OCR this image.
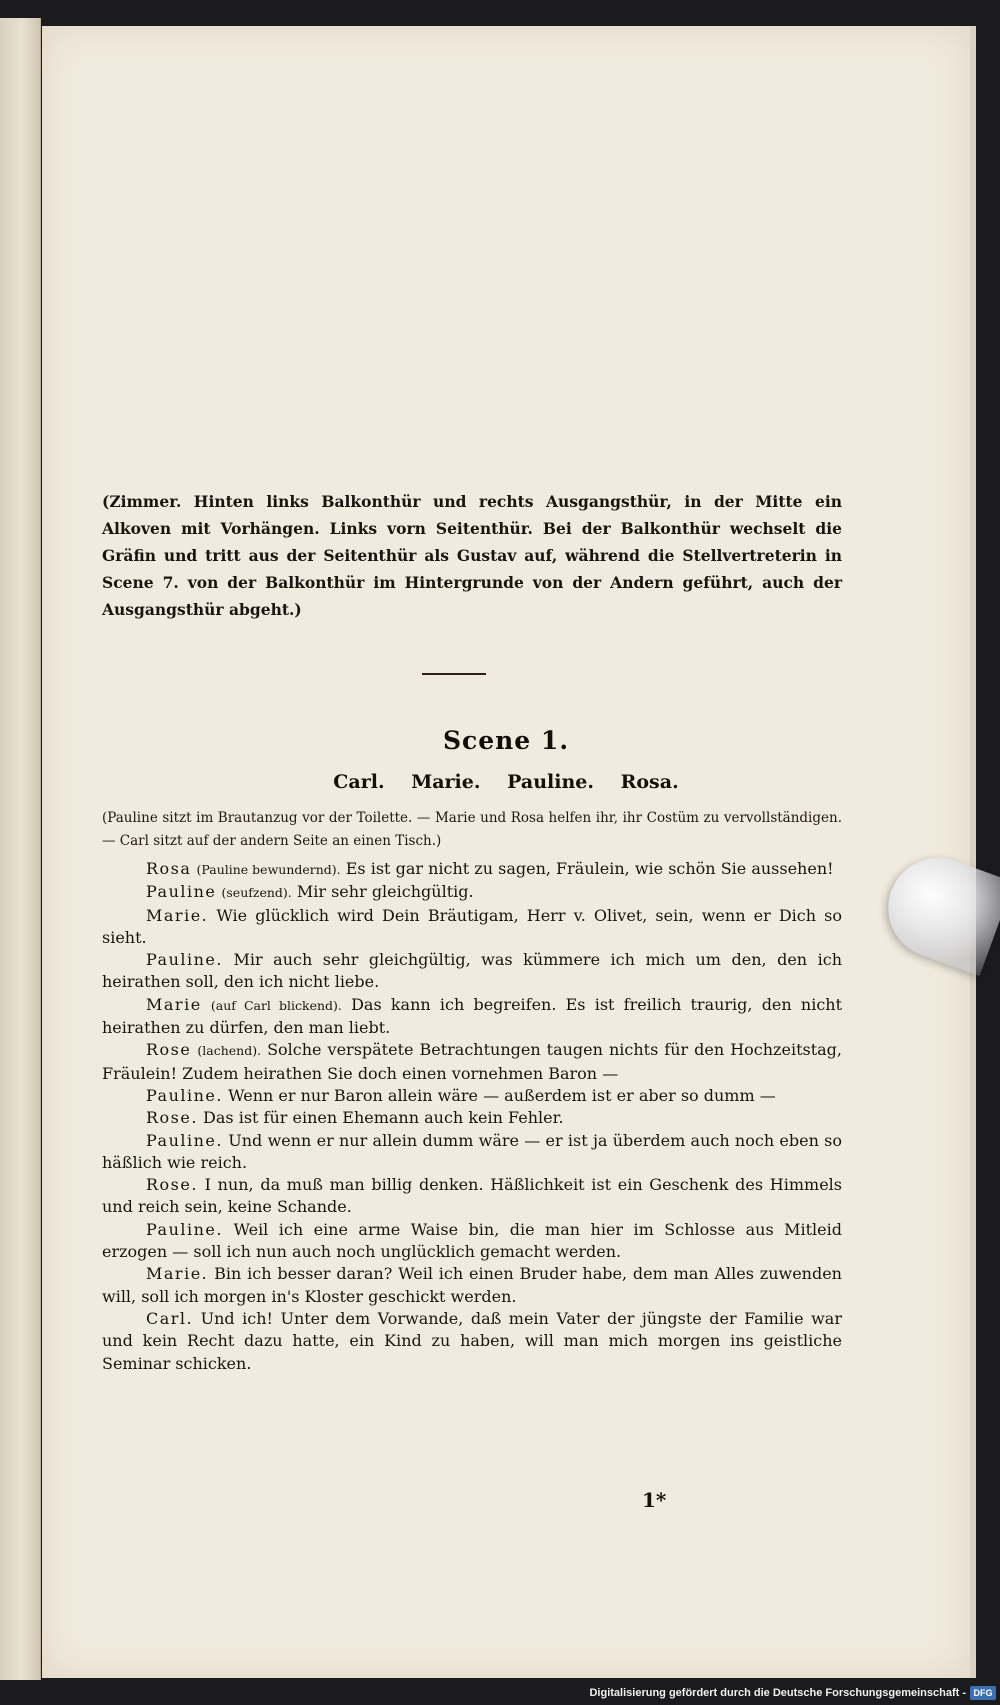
(Zimmer. Hinten links Balkonthür und rechts Ausgangsthür, in der Mitte ein Alkoven mit Vorhängen. Links vorn Seitenthür. Bei der Balkonthür wechselt die Gräfin und tritt aus der Seitenthür als Gustav auf, während die Stellvertreterin in Scene 7. von der Balkonthür im Hintergrunde von der Andern geführt, auch der Ausgangsthür abgeht.)
Scene 1.
Carl. Marie. Pauline. Rosa.
(Pauline sitzt im Brautanzug vor der Toilette. — Marie und Rosa helfen ihr, ihr Costüm zu vervollständigen. — Carl sitzt auf der andern Seite an einen Tisch.)

Rosa (Pauline bewundernd). Es ist gar nicht zu sagen, Fräulein, wie schön Sie aussehen!

Pauline (seufzend). Mir sehr gleichgültig.

Marie. Wie glücklich wird Dein Bräutigam, Herr v. Olivet, sein, wenn er Dich so sieht.

Pauline. Mir auch sehr gleichgültig, was kümmere ich mich um den, den ich heirathen soll, den ich nicht liebe.

Marie (auf Carl blickend). Das kann ich begreifen. Es ist freilich traurig, den nicht heirathen zu dürfen, den man liebt.

Rose (lachend). Solche verspätete Betrachtungen taugen nichts für den Hochzeitstag, Fräulein! Zudem heirathen Sie doch einen vornehmen Baron —

Pauline. Wenn er nur Baron allein wäre — außerdem ist er aber so dumm —

Rose. Das ist für einen Ehemann auch kein Fehler.

Pauline. Und wenn er nur allein dumm wäre — er ist ja überdem auch noch eben so häßlich wie reich.

Rose. I nun, da muß man billig denken. Häßlichkeit ist ein Geschenk des Himmels und reich sein, keine Schande.

Pauline. Weil ich eine arme Waise bin, die man hier im Schlosse aus Mitleid erzogen — soll ich nun auch noch unglücklich gemacht werden.

Marie. Bin ich besser daran? Weil ich einen Bruder habe, dem man Alles zuwenden will, soll ich morgen in's Kloster geschickt werden.

Carl. Und ich! Unter dem Vorwande, daß mein Vater der jüngste der Familie war und kein Recht dazu hatte, ein Kind zu haben, will man mich morgen ins geistliche Seminar schicken.

1*
Digitalisierung gefördert durch die Deutsche Forschungsgemeinschaft - DFG
